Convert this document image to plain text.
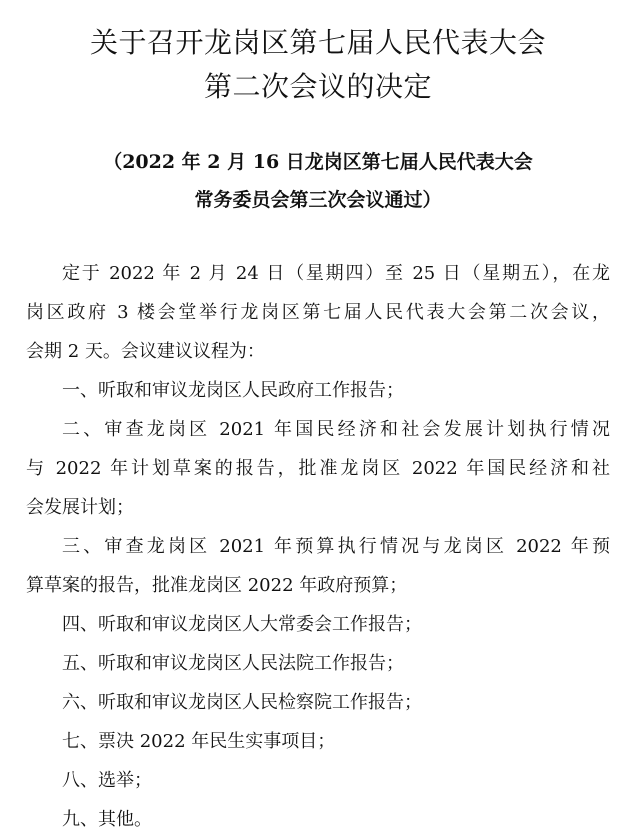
关于召开龙岗区第七届人民代表大会
第二次会议的决定
（2022 年 2 月 16 日龙岗区第七届人民代表大会
常务委员会第三次会议通过）
定于 2022 年 2 月 24 日（星期四）至 25 日（星期五），在龙
岗区政府 3 楼会堂举行龙岗区第七届人民代表大会第二次会议，
会期 2 天。会议建议议程为：
一、听取和审议龙岗区人民政府工作报告；
二、审查龙岗区 2021 年国民经济和社会发展计划执行情况
与 2022 年计划草案的报告，批准龙岗区 2022 年国民经济和社
会发展计划；
三、审查龙岗区 2021 年预算执行情况与龙岗区 2022 年预
算草案的报告，批准龙岗区 2022 年政府预算；
四、听取和审议龙岗区人大常委会工作报告；
五、听取和审议龙岗区人民法院工作报告；
六、听取和审议龙岗区人民检察院工作报告；
七、票决 2022 年民生实事项目；
八、选举；
九、其他。
